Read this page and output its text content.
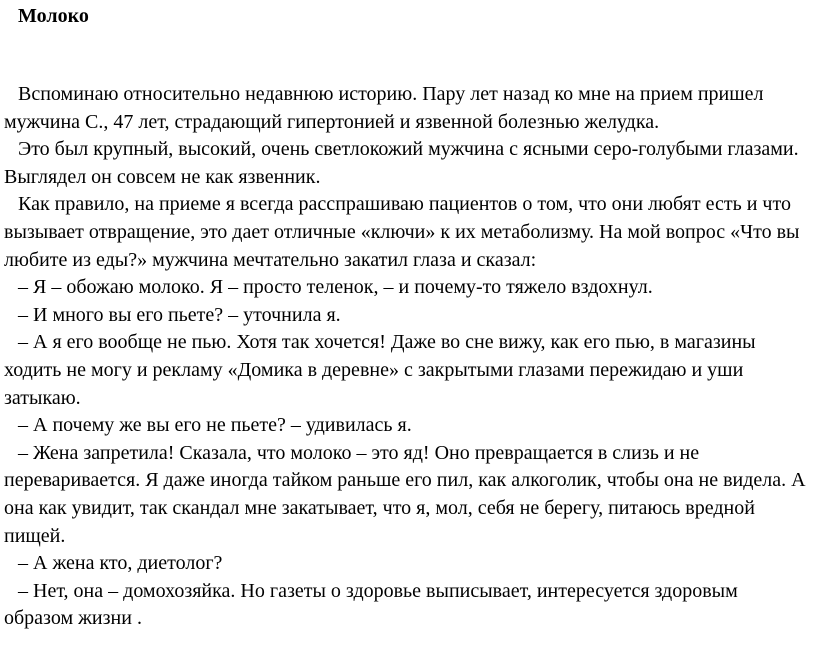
Молоко

Вспоминаю относительно недавнюю историю. Пару лет назад ко мне на прием пришел мужчина С., 47 лет, страдающий гипертонией и язвенной болезнью желудка.

Это был крупный, высокий, очень светлокожий мужчина с ясными серо-голубыми глазами. Выглядел он совсем не как язвенник.

Как правило, на приеме я всегда расспрашиваю пациентов о том, что они любят есть и что вызывает отвращение, это дает отличные «ключи» к их метаболизму. На мой вопрос «Что вы любите из еды?» мужчина мечтательно закатил глаза и сказал:

– Я – обожаю молоко. Я – просто теленок, – и почему-то тяжело вздохнул.

– И много вы его пьете? – уточнила я.

– А я его вообще не пью. Хотя так хочется! Даже во сне вижу, как его пью, в магазины ходить не могу и рекламу «Домика в деревне» с закрытыми глазами пережидаю и уши затыкаю.

– А почему же вы его не пьете? – удивилась я.

– Жена запретила! Сказала, что молоко – это яд! Оно превращается в слизь и не переваривается. Я даже иногда тайком раньше его пил, как алкоголик, чтобы она не видела. А она как увидит, так скандал мне закатывает, что я, мол, себя не берегу, питаюсь вредной пищей.

– А жена кто, диетолог?

– Нет, она – домохозяйка. Но газеты о здоровье выписывает, интересуется здоровым образом жизни .
